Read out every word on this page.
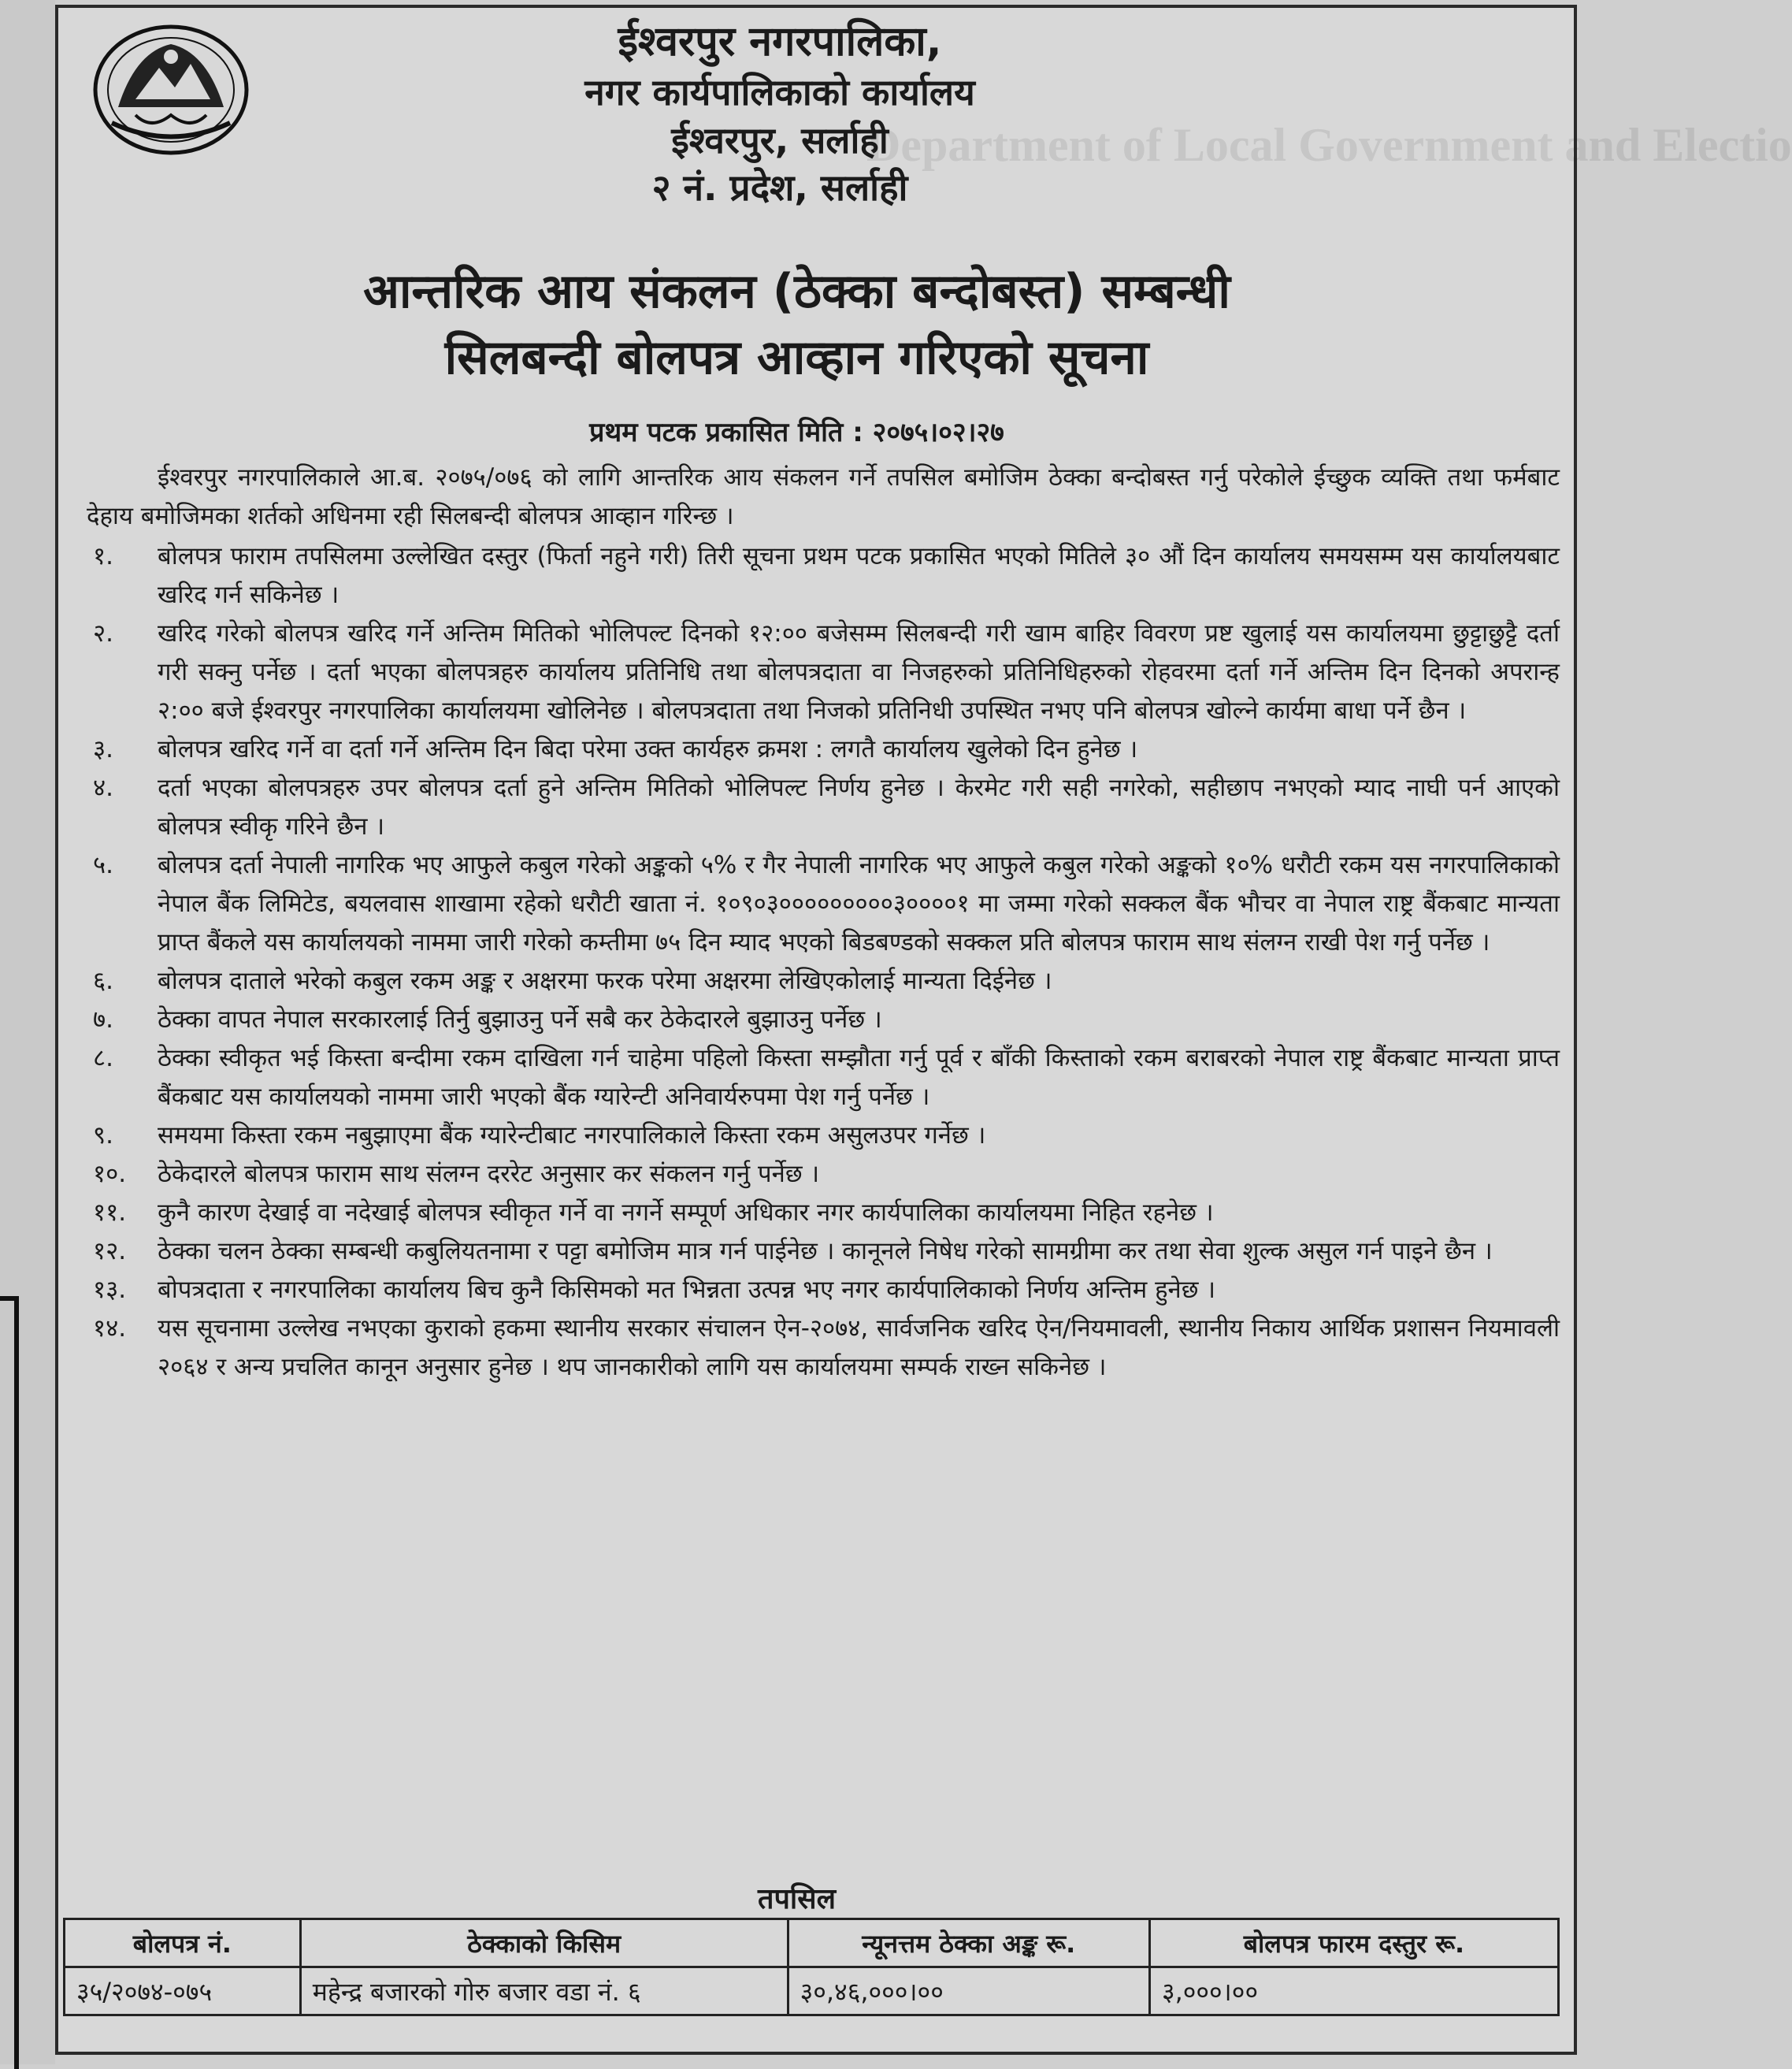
Department of Local Government and Electio
ईश्वरपुर नगरपालिका,
नगर कार्यपालिकाको कार्यालय
ईश्वरपुर, सर्लाही
२ नं. प्रदेश, सर्लाही
आन्तरिक आय संकलन (ठेक्का बन्दोबस्त) सम्बन्धी
सिलबन्दी बोलपत्र आव्हान गरिएको सूचना
प्रथम पटक प्रकासित मिति : २०७५।०२।२७

ईश्वरपुर नगरपालिकाले आ.ब. २०७५/०७६ को लागि आन्तरिक आय संकलन गर्ने तपसिल बमोजिम ठेक्का बन्दोबस्त गर्नु परेकोले ईच्छुक व्यक्ति तथा फर्मबाट देहाय बमोजिमका शर्तको अधिनमा रही सिलबन्दी बोलपत्र आव्हान गरिन्छ ।

१.	बोलपत्र फाराम तपसिलमा उल्लेखित दस्तुर (फिर्ता नहुने गरी) तिरी सूचना प्रथम पटक प्रकासित भएको मितिले ३० औं दिन कार्यालय समयसम्म यस कार्यालयबाट खरिद गर्न सकिनेछ ।
२.	खरिद गरेको बोलपत्र खरिद गर्ने अन्तिम मितिको भोलिपल्ट दिनको १२:०० बजेसम्म सिलबन्दी गरी खाम बाहिर विवरण प्रष्ट खुलाई यस कार्यालयमा छुट्टाछुट्टै दर्ता गरी सक्नु पर्नेछ । दर्ता भएका बोलपत्रहरु कार्यालय प्रतिनिधि तथा बोलपत्रदाता वा निजहरुको प्रतिनिधिहरुको रोहवरमा दर्ता गर्ने अन्तिम दिन दिनको अपरान्ह २:०० बजे ईश्वरपुर नगरपालिका कार्यालयमा खोलिनेछ । बोलपत्रदाता तथा निजको प्रतिनिधी उपस्थित नभए पनि बोलपत्र खोल्ने कार्यमा बाधा पर्ने छैन ।
३.	बोलपत्र खरिद गर्ने वा दर्ता गर्ने अन्तिम दिन बिदा परेमा उक्त कार्यहरु क्रमश : लगतै कार्यालय खुलेको दिन हुनेछ ।
४.	दर्ता भएका बोलपत्रहरु उपर बोलपत्र दर्ता हुने अन्तिम मितिको भोलिपल्ट निर्णय हुनेछ । केरमेट गरी सही नगरेको, सहीछाप नभएको म्याद नाघी पर्न आएको बोलपत्र स्वीकृ गरिने छैन ।
५.	बोलपत्र दर्ता नेपाली नागरिक भए आफुले कबुल गरेको अङ्कको ५% र गैर नेपाली नागरिक भए आफुले कबुल गरेको अङ्कको १०% धरौटी रकम यस नगरपालिकाको नेपाल बैंक लिमिटेड, बयलवास शाखामा रहेको धरौटी खाता नं. १०९०३०००००००००३००००१ मा जम्मा गरेको सक्कल बैंक भौचर वा नेपाल राष्ट्र बैंकबाट मान्यता प्राप्त बैंकले यस कार्यालयको नाममा जारी गरेको कम्तीमा ७५ दिन म्याद भएको बिडबण्डको सक्कल प्रति बोलपत्र फाराम साथ संलग्न राखी पेश गर्नु पर्नेछ ।
६.	बोलपत्र दाताले भरेको कबुल रकम अङ्क र अक्षरमा फरक परेमा अक्षरमा लेखिएकोलाई मान्यता दिईनेछ ।
७.	ठेक्का वापत नेपाल सरकारलाई तिर्नु बुझाउनु पर्ने सबै कर ठेकेदारले बुझाउनु पर्नेछ ।
८.	ठेक्का स्वीकृत भई किस्ता बन्दीमा रकम दाखिला गर्न चाहेमा पहिलो किस्ता सम्झौता गर्नु पूर्व र बाँकी किस्ताको रकम बराबरको नेपाल राष्ट्र बैंकबाट मान्यता प्राप्त बैंकबाट यस कार्यालयको नाममा जारी भएको बैंक ग्यारेन्टी अनिवार्यरुपमा पेश गर्नु पर्नेछ ।
९.	समयमा किस्ता रकम नबुझाएमा बैंक ग्यारेन्टीबाट नगरपालिकाले किस्ता रकम असुलउपर गर्नेछ ।
१०.	ठेकेदारले बोलपत्र फाराम साथ संलग्न दररेट अनुसार कर संकलन गर्नु पर्नेछ ।
११.	कुनै कारण देखाई वा नदेखाई बोलपत्र स्वीकृत गर्ने वा नगर्ने सम्पूर्ण अधिकार नगर कार्यपालिका कार्यालयमा निहित रहनेछ ।
१२.	ठेक्का चलन ठेक्का सम्बन्धी कबुलियतनामा र पट्टा बमोजिम मात्र गर्न पाईनेछ । कानूनले निषेध गरेको सामग्रीमा कर तथा सेवा शुल्क असुल गर्न पाइने छैन ।
१३.	बोपत्रदाता र नगरपालिका कार्यालय बिच कुनै किसिमको मत भिन्नता उत्पन्न भए नगर कार्यपालिकाको निर्णय अन्तिम हुनेछ ।
१४.	यस सूचनामा उल्लेख नभएका कुराको हकमा स्थानीय सरकार संचालन ऐन-२०७४, सार्वजनिक खरिद ऐन/नियमावली, स्थानीय निकाय आर्थिक प्रशासन नियमावली २०६४ र अन्य प्रचलित कानून अनुसार हुनेछ । थप जानकारीको लागि यस कार्यालयमा सम्पर्क राख्न सकिनेछ ।
तपसिल
बोलपत्र नं.	ठेक्काको किसिम	न्यूनत्तम ठेक्का अङ्क रू.	बोलपत्र फारम दस्तुर रू.
३५/२०७४-०७५	महेन्द्र बजारको गोरु बजार वडा नं. ६	३०,४६,०००।००	३,०००।००
